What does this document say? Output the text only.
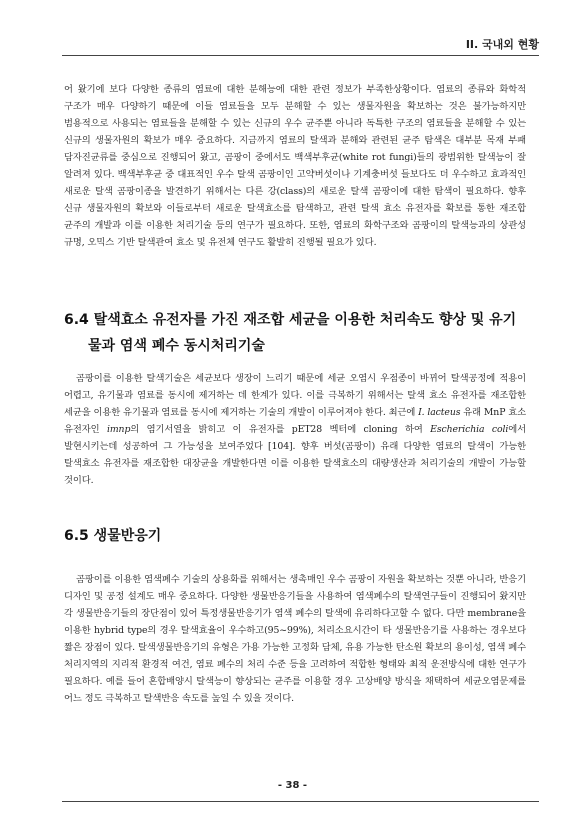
II. 국내외 현황

어 왔기에 보다 다양한 종류의 염료에 대한 분해능에 대한 관련 정보가 부족한상황이다. 염료의 종류와 화학적 구조가 매우 다양하기 때문에 이들 염료들을 모두 분해할 수 있는 생물자원을 확보하는 것은 불가능하지만 범용적으로 사용되는 염료들을 분해할 수 있는 신규의 우수 균주뿐 아니라 독특한 구조의 염료들을 분해할 수 있는 신규의 생물자원의 확보가 매우 중요하다. 지금까지 염료의 탈색과 분해와 관련된 균주 탐색은 대부분 목재 부패 담자진균류를 중심으로 진행되어 왔고, 곰팡이 중에서도 백색부후균(white rot fungi)들의 광범위한 탈색능이 잘 알려져 있다. 백색부후균 중 대표적인 우수 탈색 곰팡이인 고약버섯이나 기계충버섯 들보다도 더 우수하고 효과적인 새로운 탈색 곰팡이종을 발견하기 위해서는 다른 강(class)의 새로운 탈색 곰팡이에 대한 탐색이 필요하다. 향후 신규 생물자원의 확보와 이들로부터 새로운 탈색효소를 탐색하고, 관련 탈색 효소 유전자를 확보를 통한 재조합 균주의 개발과 이를 이용한 처리기술 등의 연구가 필요하다. 또한, 염료의 화학구조와 곰팡이의 탈색능과의 상관성 규명, 오믹스 기반 탈색관여 효소 및 유전체 연구도 활발히 진행될 필요가 있다.

6.4 탈색효소 유전자를 가진 재조합 세균을 이용한 처리속도 향상 및 유기
물과 염색 폐수 동시처리기술

곰팡이를 이용한 탈색기술은 세균보다 생장이 느리기 때문에 세균 오염시 우점종이 바뀌어 탈색공정에 적용이 어렵고, 유기물과 염료를 동시에 제거하는 데 한계가 있다. 이를 극복하기 위해서는 탈색 효소 유전자를 재조합한 세균을 이용한 유기물과 염료를 동시에 제거하는 기술의 개발이 이루어져야 한다. 최근에 I. lacteus 유래 MnP 효소 유전자인 imnp의 염기서열을 밝히고 이 유전자를 pET28 벡터에 cloning 하여 Escherichia coli에서 발현시키는데 성공하여 그 가능성을 보여주었다 [104]. 향후 버섯(곰팡이) 유래 다양한 염료의 탈색이 가능한 탈색효소 유전자를 재조합한 대장균을 개발한다면 이를 이용한 탈색효소의 대량생산과 처리기술의 개발이 가능할 것이다.

6.5 생물반응기

곰팡이를 이용한 염색폐수 기술의 상용화를 위해서는 생촉매인 우수 곰팡이 자원을 확보하는 것뿐 아니라, 반응기 디자인 및 공정 설계도 매우 중요하다. 다양한 생물반응기들을 사용하여 염색폐수의 탈색연구들이 진행되어 왔지만 각 생물반응기들의 장단점이 있어 특정생물반응기가 염색 폐수의 탈색에 유리하다고할 수 없다. 다만 membrane을 이용한 hybrid type의 경우 탈색효율이 우수하고(95~99%), 처리소요시간이 타 생물반응기를 사용하는 경우보다 짧은 장점이 있다. 탈색생물반응기의 유형은 가용 가능한 고정화 담체, 유용 가능한 탄소원 확보의 용이성, 염색 폐수 처리지역의 지리적 환경적 여건, 염료 폐수의 처리 수준 등을 고려하여 적합한 형태와 최적 운전방식에 대한 연구가 필요하다. 예를 들어 혼합배양시 탈색능이 향상되는 균주를 이용할 경우 고상배양 방식을 채택하여 세균오염문제를 어느 정도 극복하고 탈색반응 속도를 높일 수 있을 것이다.

- 38 -
